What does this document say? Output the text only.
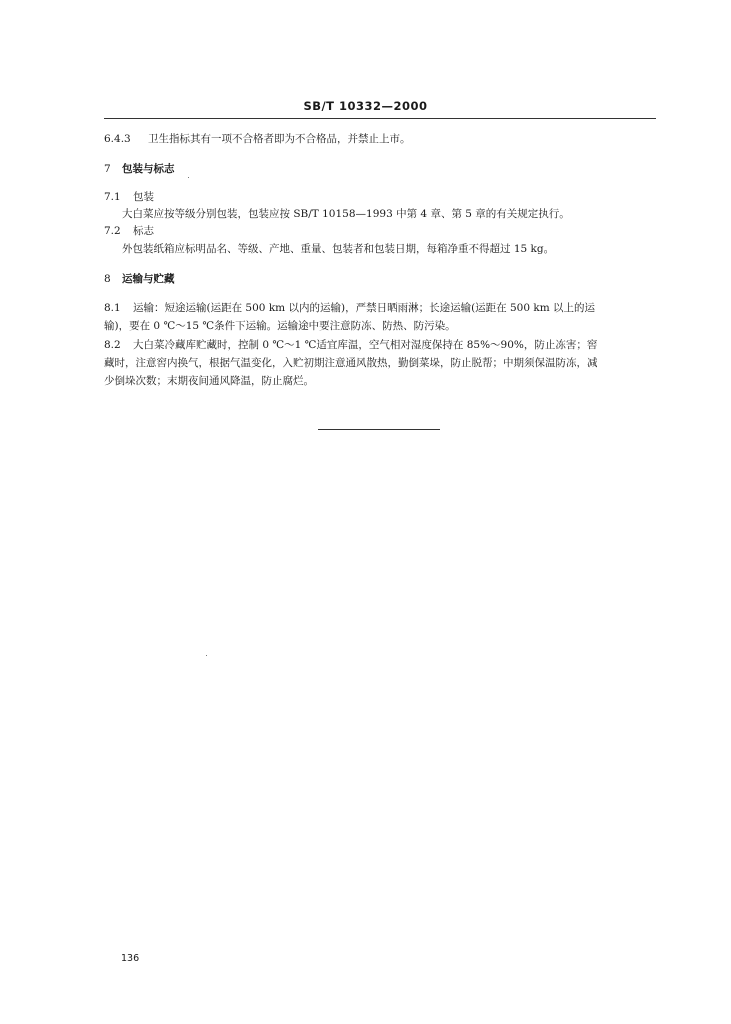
SB/T 10332—2000
6.4.3 卫生指标其有一项不合格者即为不合格品，并禁止上市。
7 包装与标志
7.1 包装
大白菜应按等级分别包装，包装应按 SB/T 10158—1993 中第 4 章、第 5 章的有关规定执行。
7.2 标志
外包装纸箱应标明品名、等级、产地、重量、包装者和包装日期，每箱净重不得超过 15 kg。
8 运输与贮藏
8.1 运输：短途运输(运距在 500 km 以内的运输)，严禁日晒雨淋；长途运输(运距在 500 km 以上的运
输)，要在 0 ℃～15 ℃条件下运输。运输途中要注意防冻、防热、防污染。
8.2 大白菜冷藏库贮藏时，控制 0 ℃～1 ℃适宜库温，空气相对湿度保持在 85%～90%，防止冻害；窖
藏时，注意窖内换气，根据气温变化，入贮初期注意通风散热，勤倒菜垛，防止脱帮；中期须保温防冻，减
少倒垛次数；末期夜间通风降温，防止腐烂。
136
